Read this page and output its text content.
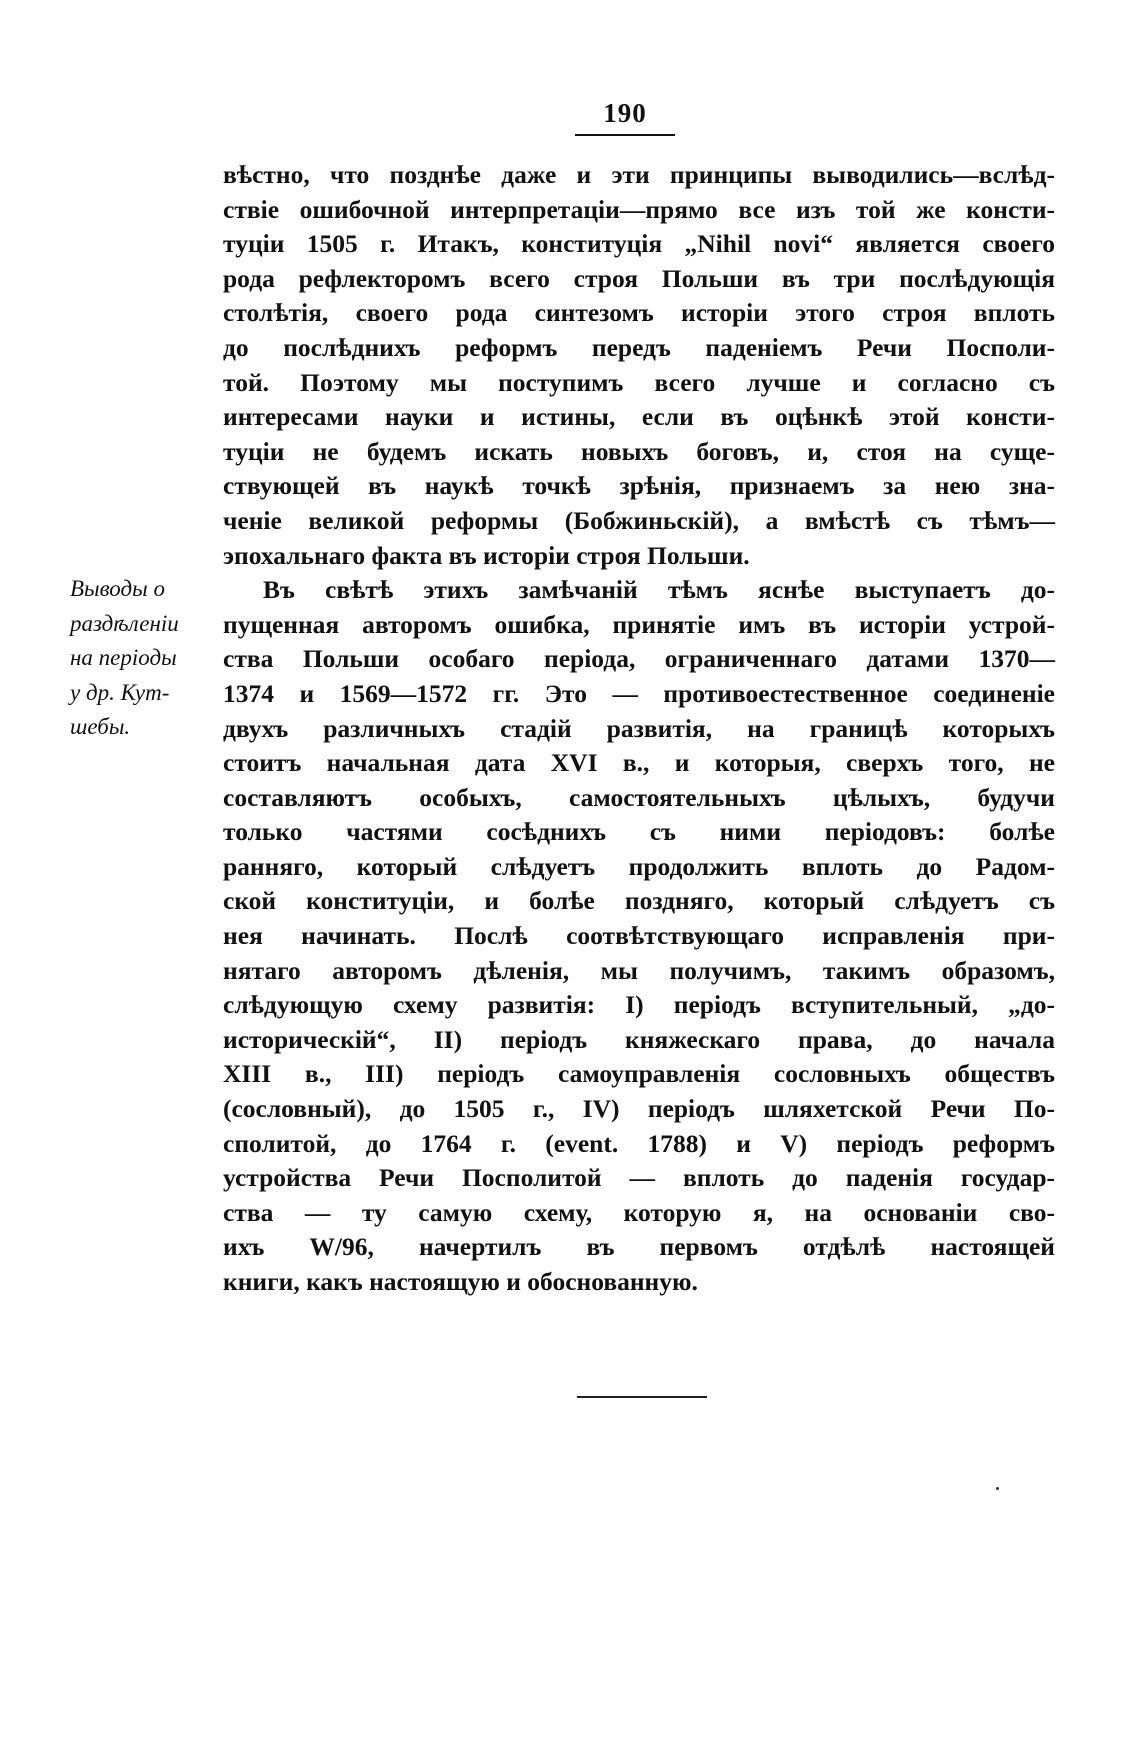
190
вѣстно, что позднѣе даже и эти принципы выводились—вслѣд-
ствіе ошибочной интерпретаціи—прямо все изъ той же консти-
туціи 1505 г. Итакъ, конституція „Nihil novi“ является своего
рода рефлекторомъ всего строя Польши въ три послѣдующія
столѣтія, своего рода синтезомъ исторіи этого строя вплоть
до послѣднихъ реформъ передъ паденіемъ Речи Посполи-
той. Поэтому мы поступимъ всего лучше и согласно съ
интересами науки и истины, если въ оцѣнкѣ этой консти-
туціи не будемъ искать новыхъ боговъ, и, стоя на суще-
ствующей въ наукѣ точкѣ зрѣнія, признаемъ за нею зна-
ченіе великой реформы (Бобжиньскій), а вмѣстѣ съ тѣмъ—
эпохальнаго факта въ исторіи строя Польши.
Въ свѣтѣ этихъ замѣчаній тѣмъ яснѣе выступаетъ до-
пущенная авторомъ ошибка, принятіе имъ въ исторіи устрой-
ства Польши особаго періода, ограниченнаго датами 1370—
1374 и 1569—1572 гг. Это — противоестественное соединеніе
двухъ различныхъ стадій развитія, на границѣ которыхъ
стоитъ начальная дата XVI в., и которыя, сверхъ того, не
составляютъ особыхъ, самостоятельныхъ цѣлыхъ, будучи
только частями сосѣднихъ съ ними періодовъ: болѣе
ранняго, который слѣдуетъ продолжить вплоть до Радом-
ской конституціи, и болѣе поздняго, который слѣдуетъ съ
нея начинать. Послѣ соотвѣтствующаго исправленія при-
нятаго авторомъ дѣленія, мы получимъ, такимъ образомъ,
слѣдующую схему развитія: I) періодъ вступительный, „до-
историческій“, II) періодъ княжескаго права, до начала
XIII в., III) періодъ самоуправленія сословныхъ обществъ
(сословный), до 1505 г., IV) періодъ шляхетской Речи По-
сполитой, до 1764 г. (event. 1788) и V) періодъ реформъ
устройства Речи Посполитой — вплоть до паденія государ-
ства — ту самую схему, которую я, на основаніи сво-
ихъ W/96, начертилъ въ первомъ отдѣлѣ настоящей
книги, какъ настоящую и обоснованную.
Выводы о
раздѣленіи
на періоды
у др. Кут-
шебы.
